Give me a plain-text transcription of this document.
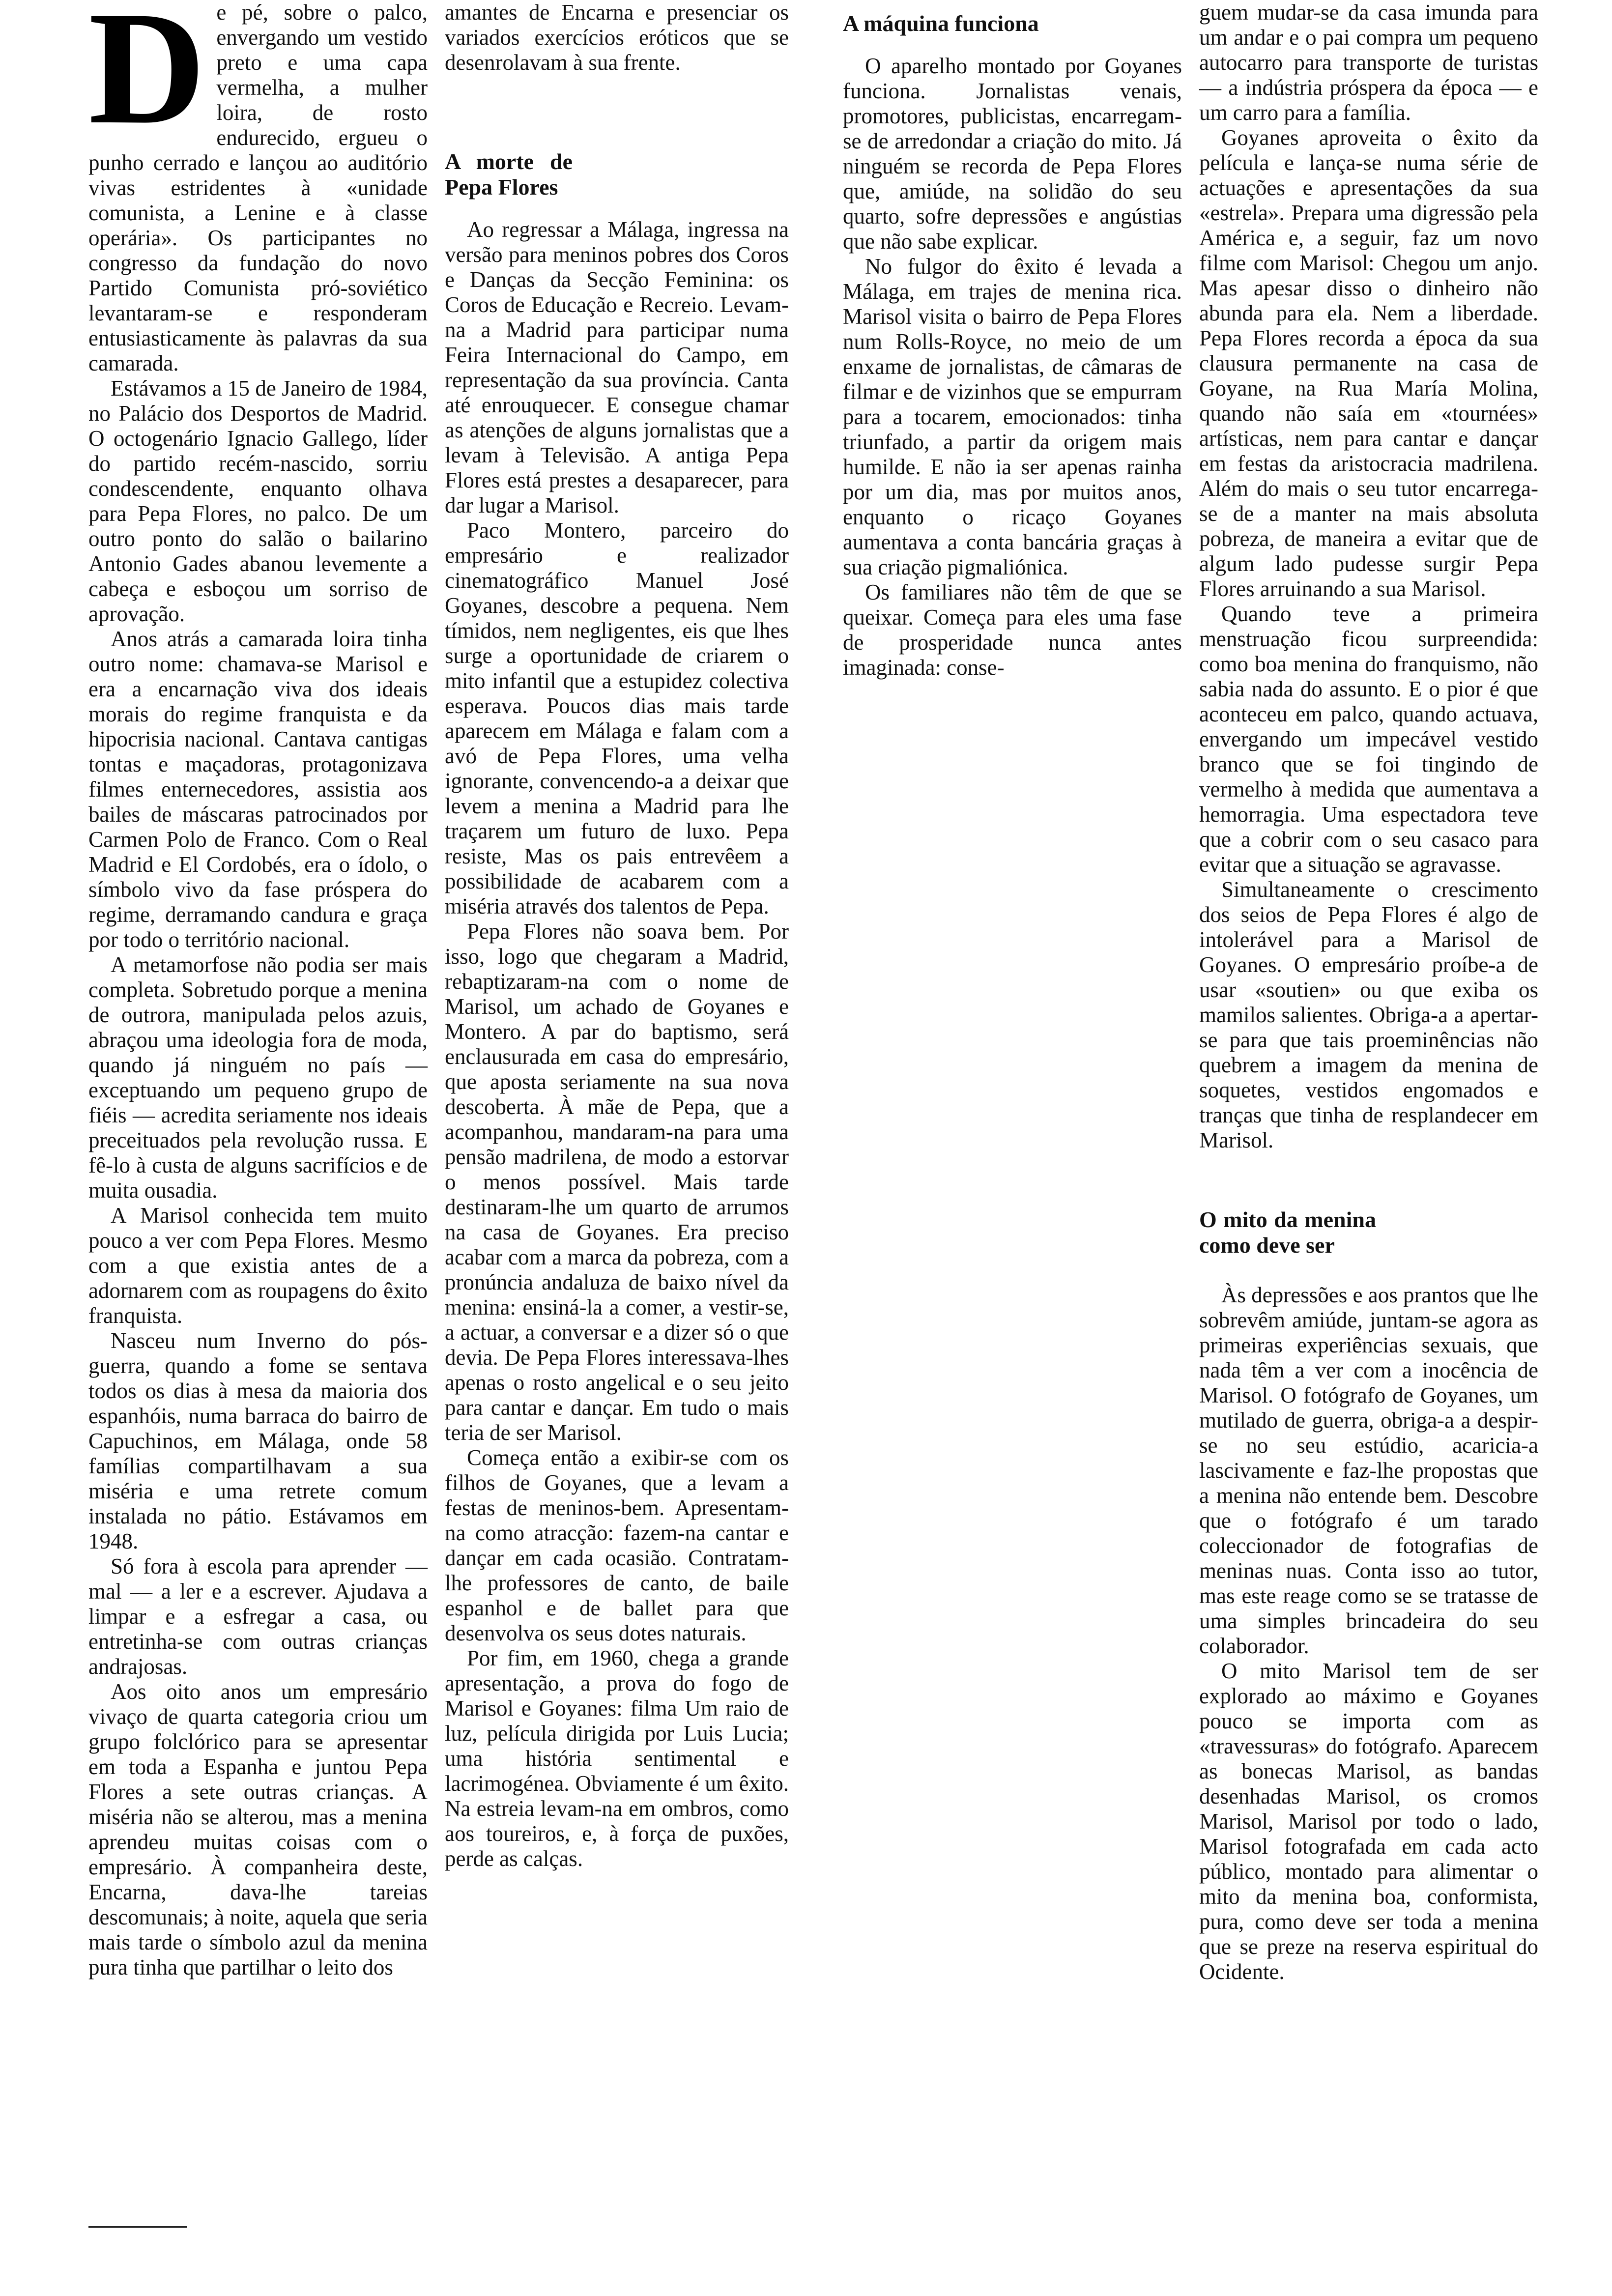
De pé, sobre o palco, envergando um vestido preto e uma capa vermelha, a mulher loira, de rosto endurecido, ergueu o punho cerrado e lançou ao auditório vivas estridentes à «unidade comunista, a Lenine e à classe operária». Os participantes no congresso da fundação do novo Partido Comunista pró-soviético levantaram-se e responderam entusiasticamente às palavras da sua camarada.

Estávamos a 15 de Janeiro de 1984, no Palácio dos Desportos de Madrid. O octogenário Ignacio Gallego, líder do partido recém-nascido, sorriu condescendente, enquanto olhava para Pepa Flores, no palco. De um outro ponto do salão o bailarino Antonio Gades abanou levemente a cabeça e esboçou um sorriso de aprovação.

Anos atrás a camarada loira tinha outro nome: chamava-se Marisol e era a encarnação viva dos ideais morais do regime franquista e da hipocrisia nacional. Cantava cantigas tontas e maçadoras, protagonizava filmes enternecedores, assistia aos bailes de máscaras patrocinados por Carmen Polo de Franco. Com o Real Madrid e El Cordobés, era o ídolo, o símbolo vivo da fase próspera do regime, derramando candura e graça por todo o território nacional.

A metamorfose não podia ser mais completa. Sobretudo porque a menina de outrora, manipulada pelos azuis, abraçou uma ideologia fora de moda, quando já ninguém no país — exceptuando um pequeno grupo de fiéis — acredita seriamente nos ideais preceituados pela revolução russa. E fê-lo à custa de alguns sacrifícios e de muita ousadia.

A Marisol conhecida tem muito pouco a ver com Pepa Flores. Mesmo com a que existia antes de a adornarem com as roupagens do êxito franquista.

Nasceu num Inverno do pós-guerra, quando a fome se sentava todos os dias à mesa da maioria dos espanhóis, numa barraca do bairro de Capuchinos, em Málaga, onde 58 famílias compartilhavam a sua miséria e uma retrete comum instalada no pátio. Estávamos em 1948.

Só fora à escola para aprender — mal — a ler e a escrever. Ajudava a limpar e a esfregar a casa, ou entretinha-se com outras crianças andrajosas.

Aos oito anos um empresário vivaço de quarta categoria criou um grupo folclórico para se apresentar em toda a Espanha e juntou Pepa Flores a sete outras crianças. A miséria não se alterou, mas a menina aprendeu muitas coisas com o empresário. À companheira deste, Encarna, dava-lhe tareias descomunais; à noite, aquela que seria mais tarde o símbolo azul da menina pura tinha que partilhar o leito dos

amantes de Encarna e presenciar os variados exercícios eróticos que se desenrolavam à sua frente.

A morte de Pepa Flores

Ao regressar a Málaga, ingressa na versão para meninos pobres dos Coros e Danças da Secção Feminina: os Coros de Educação e Recreio. Levam-na a Madrid para participar numa Feira Internacional do Campo, em representação da sua província. Canta até enrouquecer. E consegue chamar as atenções de alguns jornalistas que a levam à Televisão. A antiga Pepa Flores está prestes a desaparecer, para dar lugar a Marisol.

Paco Montero, parceiro do empresário e realizador cinematográfico Manuel José Goyanes, descobre a pequena. Nem tímidos, nem negligentes, eis que lhes surge a oportunidade de criarem o mito infantil que a estupidez colectiva esperava. Poucos dias mais tarde aparecem em Málaga e falam com a avó de Pepa Flores, uma velha ignorante, convencendo-a a deixar que levem a menina a Madrid para lhe traçarem um futuro de luxo. Pepa resiste, Mas os pais entrevêem a possibilidade de acabarem com a miséria através dos talentos de Pepa.

Pepa Flores não soava bem. Por isso, logo que chegaram a Madrid, rebaptizaram-na com o nome de Marisol, um achado de Goyanes e Montero. A par do baptismo, será enclausurada em casa do empresário, que aposta seriamente na sua nova descoberta. À mãe de Pepa, que a acompanhou, mandaram-na para uma pensão madrilena, de modo a estorvar o menos possível. Mais tarde destinaram-lhe um quarto de arrumos na casa de Goyanes. Era preciso acabar com a marca da pobreza, com a pronúncia andaluza de baixo nível da menina: ensiná-la a comer, a vestir-se, a actuar, a conversar e a dizer só o que devia. De Pepa Flores interessava-lhes apenas o rosto angelical e o seu jeito para cantar e dançar. Em tudo o mais teria de ser Marisol.

Começa então a exibir-se com os filhos de Goyanes, que a levam a festas de meninos-bem. Apresentam-na como atracção: fazem-na cantar e dançar em cada ocasião. Contratam-lhe professores de canto, de baile espanhol e de ballet para que desenvolva os seus dotes naturais.

Por fim, em 1960, chega a grande apresentação, a prova do fogo de Marisol e Goyanes: filma Um raio de luz, película dirigida por Luis Lucia; uma história sentimental e lacrimogénea. Obviamente é um êxito. Na estreia levam-na em ombros, como aos toureiros, e, à força de puxões, perde as calças.

A máquina funciona

O aparelho montado por Goyanes funciona. Jornalistas venais, promotores, publicistas, encarregam-se de arredondar a criação do mito. Já ninguém se recorda de Pepa Flores que, amiúde, na solidão do seu quarto, sofre depressões e angústias que não sabe explicar.

No fulgor do êxito é levada a Málaga, em trajes de menina rica. Marisol visita o bairro de Pepa Flores num Rolls-Royce, no meio de um enxame de jornalistas, de câmaras de filmar e de vizinhos que se empurram para a tocarem, emocionados: tinha triunfado, a partir da origem mais humilde. E não ia ser apenas rainha por um dia, mas por muitos anos, enquanto o ricaço Goyanes aumentava a conta bancária graças à sua criação pigmaliónica.

Os familiares não têm de que se queixar. Começa para eles uma fase de prosperidade nunca antes imaginada: conse-

guem mudar-se da casa imunda para um andar e o pai compra um pequeno autocarro para transporte de turistas — a indústria próspera da época — e um carro para a família.

Goyanes aproveita o êxito da película e lança-se numa série de actuações e apresentações da sua «estrela». Prepara uma digressão pela América e, a seguir, faz um novo filme com Marisol: Chegou um anjo. Mas apesar disso o dinheiro não abunda para ela. Nem a liberdade. Pepa Flores recorda a época da sua clausura permanente na casa de Goyane, na Rua María Molina, quando não saía em «tournées» artísticas, nem para cantar e dançar em festas da aristocracia madrilena. Além do mais o seu tutor encarrega-se de a manter na mais absoluta pobreza, de maneira a evitar que de algum lado pudesse surgir Pepa Flores arruinando a sua Marisol.

Quando teve a primeira menstruação ficou surpreendida: como boa menina do franquismo, não sabia nada do assunto. E o pior é que aconteceu em palco, quando actuava, envergando um impecável vestido branco que se foi tingindo de vermelho à medida que aumentava a hemorragia. Uma espectadora teve que a cobrir com o seu casaco para evitar que a situação se agravasse.

Simultaneamente o crescimento dos seios de Pepa Flores é algo de intolerável para a Marisol de Goyanes. O empresário proíbe-a de usar «soutien» ou que exiba os mamilos salientes. Obriga-a a apertar-se para que tais proeminências não quebrem a imagem da menina de soquetes, vestidos engomados e tranças que tinha de resplandecer em Marisol.

O mito da menina como deve ser

Às depressões e aos prantos que lhe sobrevêm amiúde, juntam-se agora as primeiras experiências sexuais, que nada têm a ver com a inocência de Marisol. O fotógrafo de Goyanes, um mutilado de guerra, obriga-a a despir-se no seu estúdio, acaricia-a lascivamente e faz-lhe propostas que a menina não entende bem. Descobre que o fotógrafo é um tarado coleccionador de fotografias de meninas nuas. Conta isso ao tutor, mas este reage como se se tratasse de uma simples brincadeira do seu colaborador.

O mito Marisol tem de ser explorado ao máximo e Goyanes pouco se importa com as «travessuras» do fotógrafo. Aparecem as bonecas Marisol, as bandas desenhadas Marisol, os cromos Marisol, Marisol por todo o lado, Marisol fotografada em cada acto público, montado para alimentar o mito da menina boa, conformista, pura, como deve ser toda a menina que se preze na reserva espiritual do Ocidente.
